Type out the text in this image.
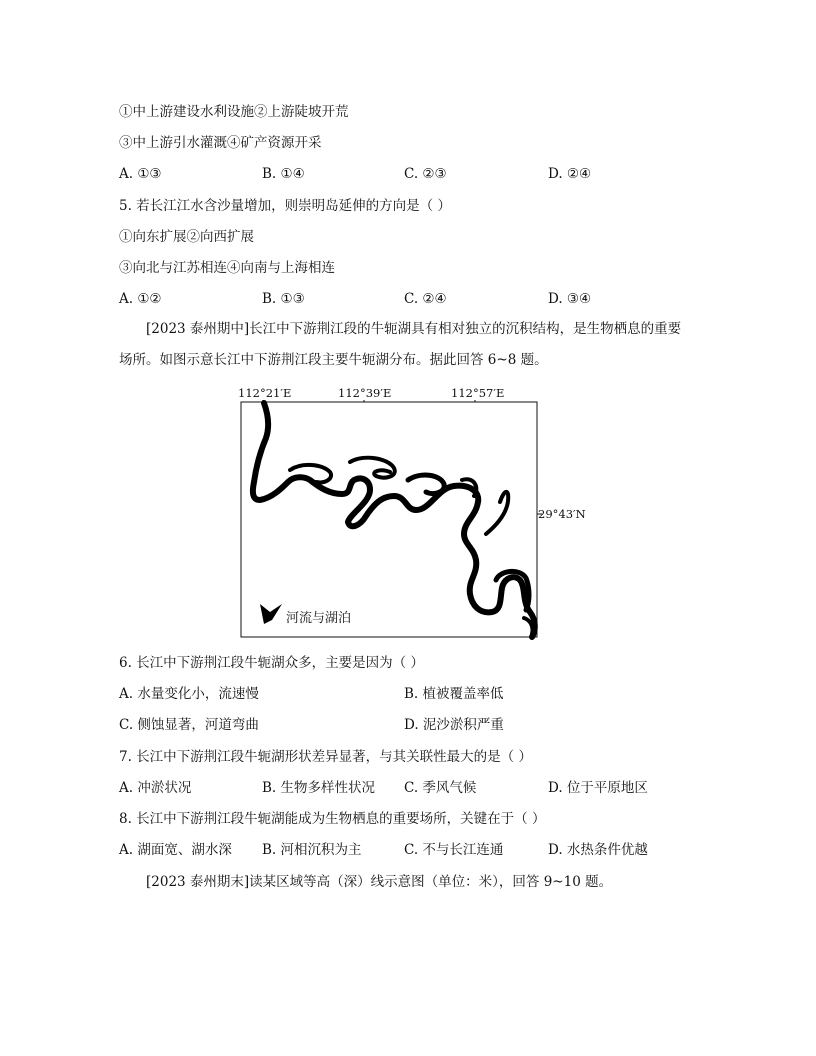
①中上游建设水利设施②上游陡坡开荒
③中上游引水灌溉④矿产资源开采
A. ①③	B. ①④	C. ②③	D. ②④
5. 若长江江水含沙量增加，则崇明岛延伸的方向是（ ）
①向东扩展②向西扩展
③向北与江苏相连④向南与上海相连
A. ①②	B. ①③	C. ②④	D. ③④
[2023 泰州期中]长江中下游荆江段的牛轭湖具有相对独立的沉积结构，是生物栖息的重要
场所。如图示意长江中下游荆江段主要牛轭湖分布。据此回答 6~8 题。
112°21′E	112°39′E	112°57′E
29°43′N
河流与湖泊
6. 长江中下游荆江段牛轭湖众多，主要是因为（ ）
A. 水量变化小，流速慢	B. 植被覆盖率低
C. 侧蚀显著，河道弯曲	D. 泥沙淤积严重
7. 长江中下游荆江段牛轭湖形状差异显著，与其关联性最大的是（ ）
A. 冲淤状况	B. 生物多样性状况 C. 季风气候	D. 位于平原地区
8. 长江中下游荆江段牛轭湖能成为生物栖息的重要场所，关键在于（ ）
A. 湖面宽、湖水深 B. 河相沉积为主	C. 不与长江连通	D. 水热条件优越
[2023 泰州期末]读某区域等高（深）线示意图（单位：米），回答 9~10 题。
